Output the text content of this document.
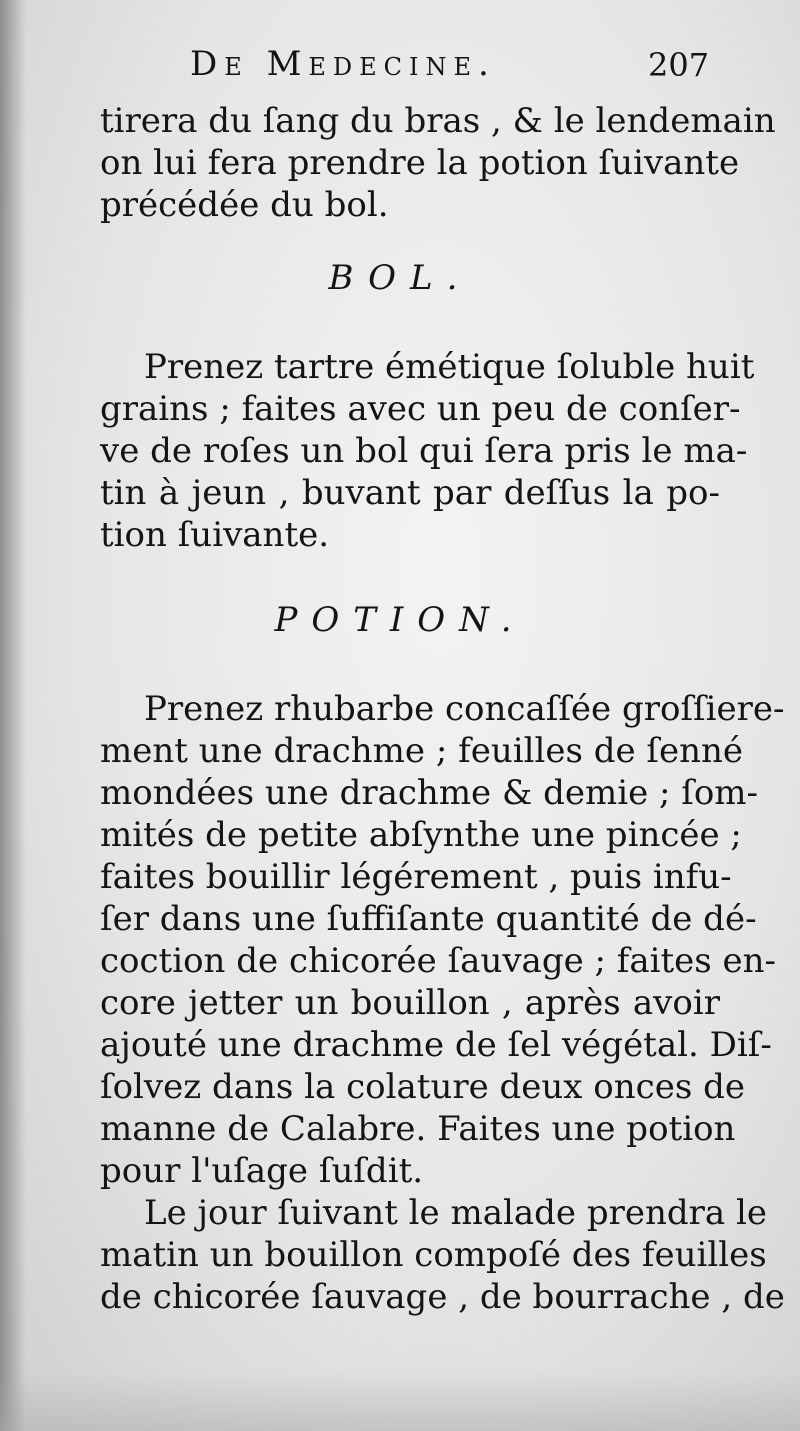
De Medecine.	207
tirera du ſang du bras , & le lendemain
on lui fera prendre la potion ſuivante
précédée du bol.
BOL.
Prenez tartre émétique ſoluble huit
grains ; faites avec un peu de conſer-
ve de roſes un bol qui ſera pris le ma-
tin à jeun , buvant par deſſus la po-
tion ſuivante.
POTION.
Prenez rhubarbe concaſſée groſſiere-
ment une drachme ; feuilles de ſenné
mondées une drachme & demie ; ſom-
mités de petite abſynthe une pincée ;
faites bouillir légérement , puis infu-
ſer dans une ſuffiſante quantité de dé-
coction de chicorée ſauvage ; faites en-
core jetter un bouillon , après avoir
ajouté une drachme de ſel végétal. Diſ-
ſolvez dans la colature deux onces de
manne de Calabre. Faites une potion
pour l'uſage ſuſdit.
Le jour ſuivant le malade prendra le
matin un bouillon compoſé des feuilles
de chicorée ſauvage , de bourrache , de
